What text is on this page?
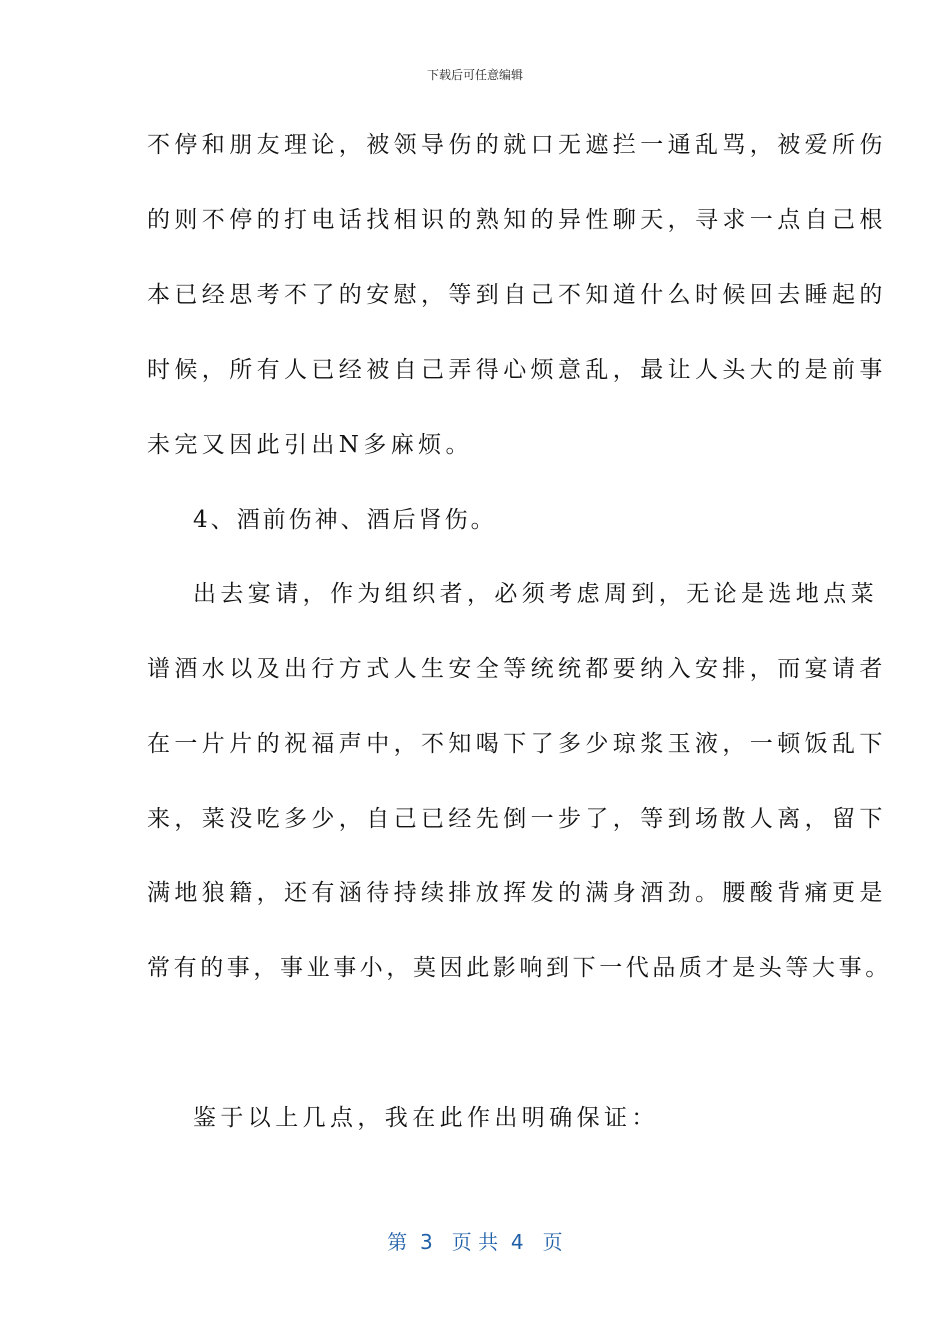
下载后可任意编辑
不停和朋友理论，被领导伤的就口无遮拦一通乱骂，被爱所伤
的则不停的打电话找相识的熟知的异性聊天，寻求一点自己根
本已经思考不了的安慰，等到自己不知道什么时候回去睡起的
时候，所有人已经被自己弄得心烦意乱，最让人头大的是前事
未完又因此引出N多麻烦。
4、酒前伤神、酒后肾伤。
出去宴请，作为组织者，必须考虑周到，无论是选地点菜
谱酒水以及出行方式人生安全等统统都要纳入安排，而宴请者
在一片片的祝福声中，不知喝下了多少琼浆玉液，一顿饭乱下
来，菜没吃多少，自己已经先倒一步了，等到场散人离，留下
满地狼籍，还有涵待持续排放挥发的满身酒劲。腰酸背痛更是
常有的事，事业事小，莫因此影响到下一代品质才是头等大事。
鉴于以上几点，我在此作出明确保证：
第  3   页 共  4   页
